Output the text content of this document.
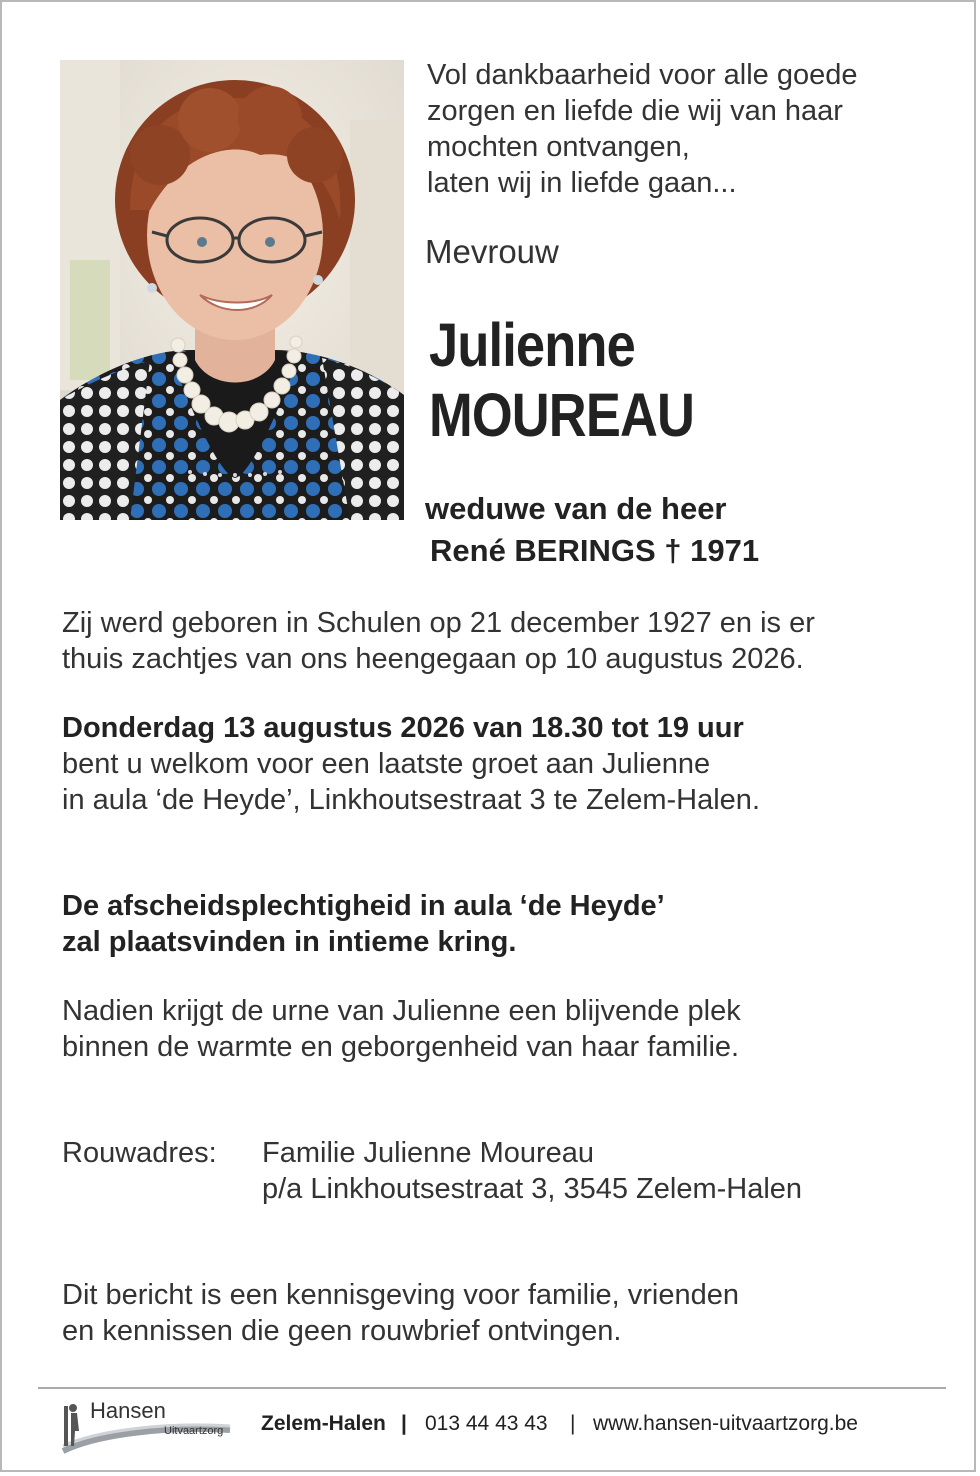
Vol dankbaarheid voor alle goede
zorgen en liefde die wij van haar
mochten ontvangen,
laten wij in liefde gaan...
Mevrouw
Julienne
MOUREAU
weduwe van de heer
René BERINGS † 1971
Zij werd geboren in Schulen op 21 december 1927 en is er
thuis zachtjes van ons heengegaan op 10 augustus 2026.
Donderdag 13 augustus 2026 van 18.30 tot 19 uur
bent u welkom voor een laatste groet aan Julienne
in aula ‘de Heyde’, Linkhoutsestraat 3 te Zelem-Halen.
De afscheidsplechtigheid in aula ‘de Heyde’
zal plaatsvinden in intieme kring.
Nadien krijgt de urne van Julienne een blijvende plek
binnen de warmte en geborgenheid van haar familie.
Rouwadres: Familie Julienne Moureau
p/a Linkhoutsestraat 3, 3545 Zelem-Halen
Dit bericht is een kennisgeving voor familie, vrienden
en kennissen die geen rouwbrief ontvingen.
Hansen
Uitvaartzorg Zelem-Halen | 013 44 43 43 | www.hansen-uitvaartzorg.be
